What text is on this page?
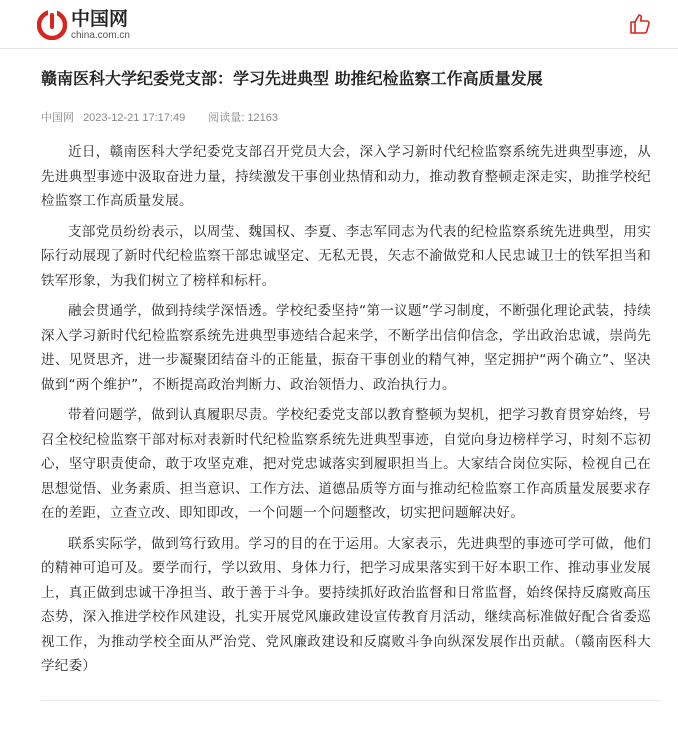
中国网
china.com.cn
赣南医科大学纪委党支部：学习先进典型 助推纪检监察工作高质量发展
中国网 2023-12-21 17:17:49 阅读量: 12163

近日，赣南医科大学纪委党支部召开党员大会，深入学习新时代纪检监察系统先进典型事迹，从先进典型事迹中汲取奋进力量，持续激发干事创业热情和动力，推动教育整顿走深走实，助推学校纪检监察工作高质量发展。

支部党员纷纷表示，以周莹、魏国权、李夏、李志军同志为代表的纪检监察系统先进典型，用实际行动展现了新时代纪检监察干部忠诚坚定、无私无畏，矢志不渝做党和人民忠诚卫士的铁军担当和铁军形象，为我们树立了榜样和标杆。

融会贯通学，做到持续学深悟透。学校纪委坚持“第一议题”学习制度，不断强化理论武装，持续深入学习新时代纪检监察系统先进典型事迹结合起来学，不断学出信仰信念，学出政治忠诚，崇尚先进、见贤思齐，进一步凝聚团结奋斗的正能量，振奋干事创业的精气神，坚定拥护“两个确立”、坚决做到“两个维护”，不断提高政治判断力、政治领悟力、政治执行力。

带着问题学，做到认真履职尽责。学校纪委党支部以教育整顿为契机，把学习教育贯穿始终，号召全校纪检监察干部对标对表新时代纪检监察系统先进典型事迹，自觉向身边榜样学习，时刻不忘初心，坚守职责使命，敢于攻坚克难，把对党忠诚落实到履职担当上。大家结合岗位实际，检视自己在思想觉悟、业务素质、担当意识、工作方法、道德品质等方面与推动纪检监察工作高质量发展要求存在的差距，立查立改、即知即改，一个问题一个问题整改，切实把问题解决好。

联系实际学，做到笃行致用。学习的目的在于运用。大家表示，先进典型的事迹可学可做，他们的精神可追可及。要学而行，学以致用、身体力行，把学习成果落实到干好本职工作、推动事业发展上，真正做到忠诚干净担当、敢于善于斗争。要持续抓好政治监督和日常监督，始终保持反腐败高压态势，深入推进学校作风建设，扎实开展党风廉政建设宣传教育月活动，继续高标准做好配合省委巡视工作，为推动学校全面从严治党、党风廉政建设和反腐败斗争向纵深发展作出贡献。（赣南医科大学纪委）
